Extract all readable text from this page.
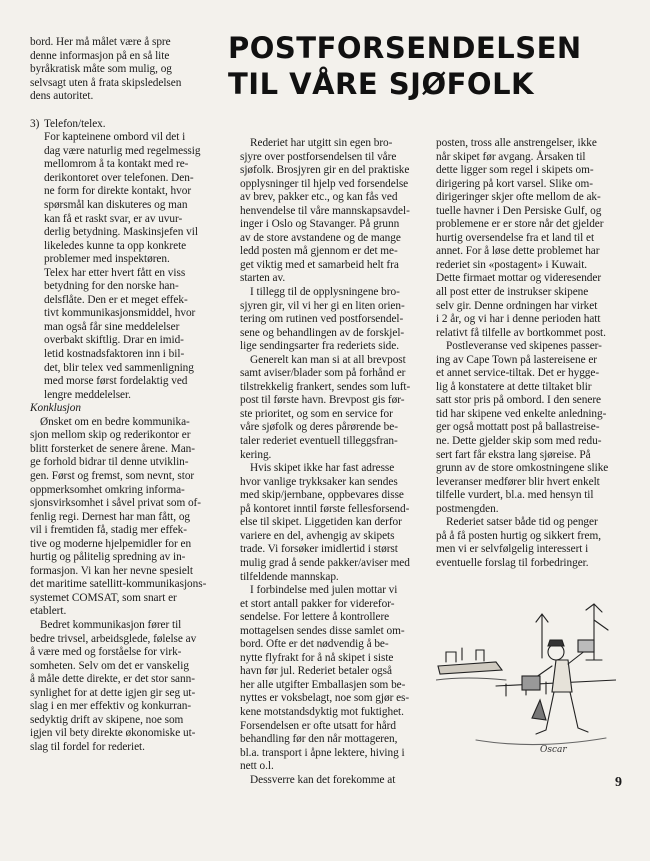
POSTFORSENDELSEN
TIL VÅRE SJØFOLK

bord. Her må målet være å spre
denne informasjon på en så lite
byråkratisk måte som mulig, og
selvsagt uten å frata skipsledelsen
dens autoritet.

3) Telefon/telex.
For kapteinene ombord vil det i
dag være naturlig med regelmessig
mellomrom å ta kontakt med re-
derikontoret over telefonen. Den-
ne form for direkte kontakt, hvor
spørsmål kan diskuteres og man
kan få et raskt svar, er av uvur-
derlig betydning. Maskinsjefen vil
likeledes kunne ta opp konkrete
problemer med inspektøren.
Telex har etter hvert fått en viss
betydning for den norske han-
delsflåte. Den er et meget effek-
tivt kommunikasjonsmiddel, hvor
man også får sine meddelelser
overbakt skiftlig. Drar en imid-
letid kostnadsfaktoren inn i bil-
det, blir telex ved sammenligning
med morse først fordelaktig ved
lengre meddelelser.

Konklusjon

Ønsket om en bedre kommunika-
sjon mellom skip og rederikontor er
blitt forsterket de senere årene. Man-
ge forhold bidrar til denne utviklin-
gen. Først og fremst, som nevnt, stor
oppmerksomhet omkring informa-
sjonsvirksomhet i såvel privat som of-
fenlig regi. Dernest har man fått, og
vil i fremtiden få, stadig mer effek-
tive og moderne hjelpemidler for en
hurtig og pålitelig spredning av in-
formasjon. Vi kan her nevne spesielt
det maritime satellitt-kommunikasjons-
systemet COMSAT, som snart er
etablert.

Bedret kommunikasjon fører til
bedre trivsel, arbeidsglede, følelse av
å være med og forståelse for virk-
somheten. Selv om det er vanskelig
å måle dette direkte, er det stor sann-
synlighet for at dette igjen gir seg ut-
slag i en mer effektiv og konkurran-
sedyktig drift av skipene, noe som
igjen vil bety direkte økonomiske ut-
slag til fordel for rederiet.

Rederiet har utgitt sin egen bro-
sjyre over postforsendelsen til våre
sjøfolk. Brosjyren gir en del praktiske
opplysninger til hjelp ved forsendelse
av brev, pakker etc., og kan fås ved
henvendelse til våre mannskapsavdel-
inger i Oslo og Stavanger. På grunn
av de store avstandene og de mange
ledd posten må gjennom er det me-
get viktig med et samarbeid helt fra
starten av.

I tillegg til de opplysningene bro-
sjyren gir, vil vi her gi en liten orien-
tering om rutinen ved postforsendel-
sene og behandlingen av de forskjel-
lige sendingsarter fra rederiets side.

Generelt kan man si at all brevpost
samt aviser/blader som på forhånd er
tilstrekkelig frankert, sendes som luft-
post til første havn. Brevpost gis før-
ste prioritet, og som en service for
våre sjøfolk og deres pårørende be-
taler rederiet eventuell tilleggsfran-
kering.

Hvis skipet ikke har fast adresse
hvor vanlige trykksaker kan sendes
med skip/jernbane, oppbevares disse
på kontoret inntil første fellesforsend-
else til skipet. Liggetiden kan derfor
variere en del, avhengig av skipets
trade. Vi forsøker imidlertid i størst
mulig grad å sende pakker/aviser med
tilfeldende mannskap.

I forbindelse med julen mottar vi
et stort antall pakker for viderefor-
sendelse. For lettere å kontrollere
mottagelsen sendes disse samlet om-
bord. Ofte er det nødvendig å be-
nytte flyfrakt for å nå skipet i siste
havn før jul. Rederiet betaler også
her alle utgifter Emballasjen som be-
nyttes er voksbelagt, noe som gjør es-
kene motstandsdyktig mot fuktighet.
Forsendelsen er ofte utsatt for hård
behandling før den når mottageren,
bl.a. transport i åpne lektere, hiving i
nett o.l.

Dessverre kan det forekomme at

posten, tross alle anstrengelser, ikke
når skipet før avgang. Årsaken til
dette ligger som regel i skipets om-
dirigering på kort varsel. Slike om-
dirigeringer skjer ofte mellom de ak-
tuelle havner i Den Persiske Gulf, og
problemene er er store når det gjelder
hurtig oversendelse fra et land til et
annet. For å løse dette problemet har
rederiet sin «postagent» i Kuwait.
Dette firmaet mottar og videresender
all post etter de instrukser skipene
selv gir. Denne ordningen har virket
i 2 år, og vi har i denne perioden hatt
relativt få tilfelle av bortkommet post.

Postleveranse ved skipenes passer-
ing av Cape Town på lastereisene er
et annet service-tiltak. Det er hygge-
lig å konstatere at dette tiltaket blir
satt stor pris på ombord. I den senere
tid har skipene ved enkelte anledning-
ger også mottatt post på ballastreise-
ne. Dette gjelder skip som med redu-
sert fart får ekstra lang sjøreise. På
grunn av de store omkostningene slike
leveranser medfører blir hvert enkelt
tilfelle vurdert, bl.a. med hensyn til
postmengden.

Rederiet satser både tid og penger
på å få posten hurtig og sikkert frem,
men vi er selvfølgelig interessert i
eventuelle forslag til forbedringer.

Oscar
9
